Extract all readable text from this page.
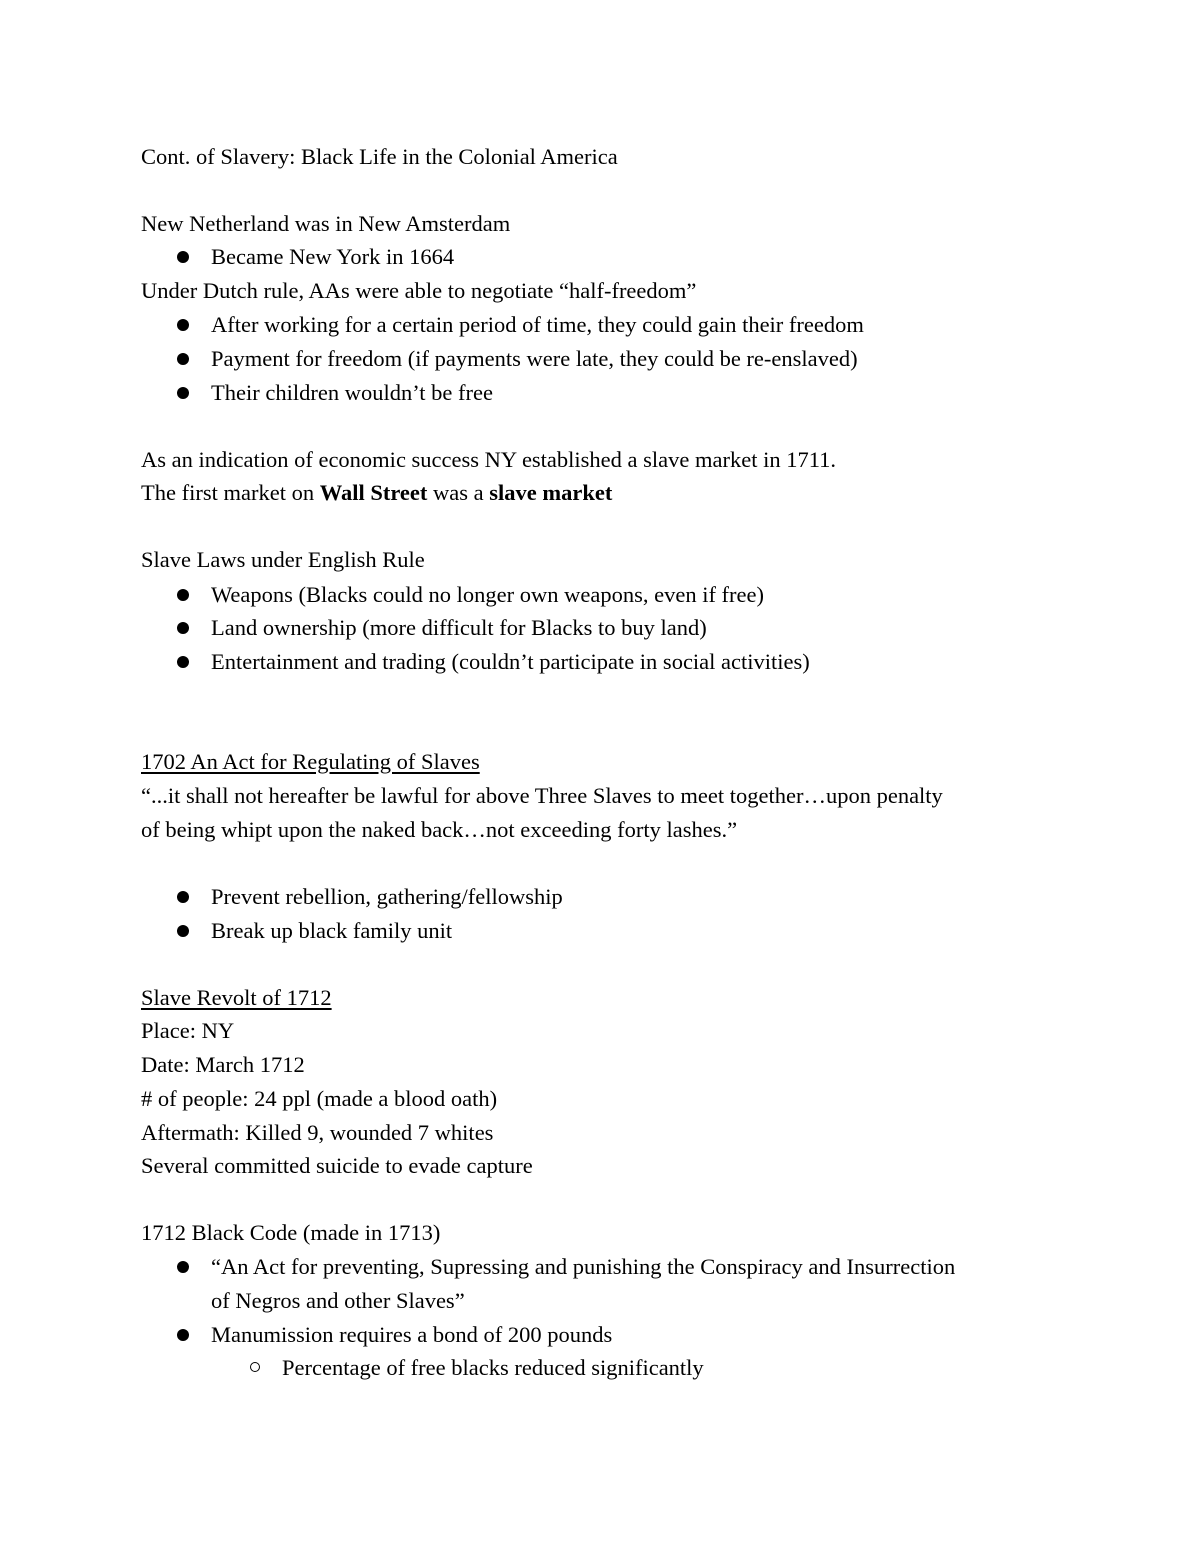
Cont. of Slavery: Black Life in the Colonial America
New Netherland was in New Amsterdam
Became New York in 1664
Under Dutch rule, AAs were able to negotiate “half-freedom”
After working for a certain period of time, they could gain their freedom
Payment for freedom (if payments were late, they could be re-enslaved)
Their children wouldn’t be free
As an indication of economic success NY established a slave market in 1711.
The first market on Wall Street was a slave market
Slave Laws under English Rule
Weapons (Blacks could no longer own weapons, even if free)
Land ownership (more difficult for Blacks to buy land)
Entertainment and trading (couldn’t participate in social activities)
1702 An Act for Regulating of Slaves
“...it shall not hereafter be lawful for above Three Slaves to meet together…upon penalty
of being whipt upon the naked back…not exceeding forty lashes.”
Prevent rebellion, gathering/fellowship
Break up black family unit
Slave Revolt of 1712
Place: NY
Date: March 1712
# of people: 24 ppl (made a blood oath)
Aftermath: Killed 9, wounded 7 whites
Several committed suicide to evade capture
1712 Black Code (made in 1713)
“An Act for preventing, Supressing and punishing the Conspiracy and Insurrection
of Negros and other Slaves”
Manumission requires a bond of 200 pounds
Percentage of free blacks reduced significantly
